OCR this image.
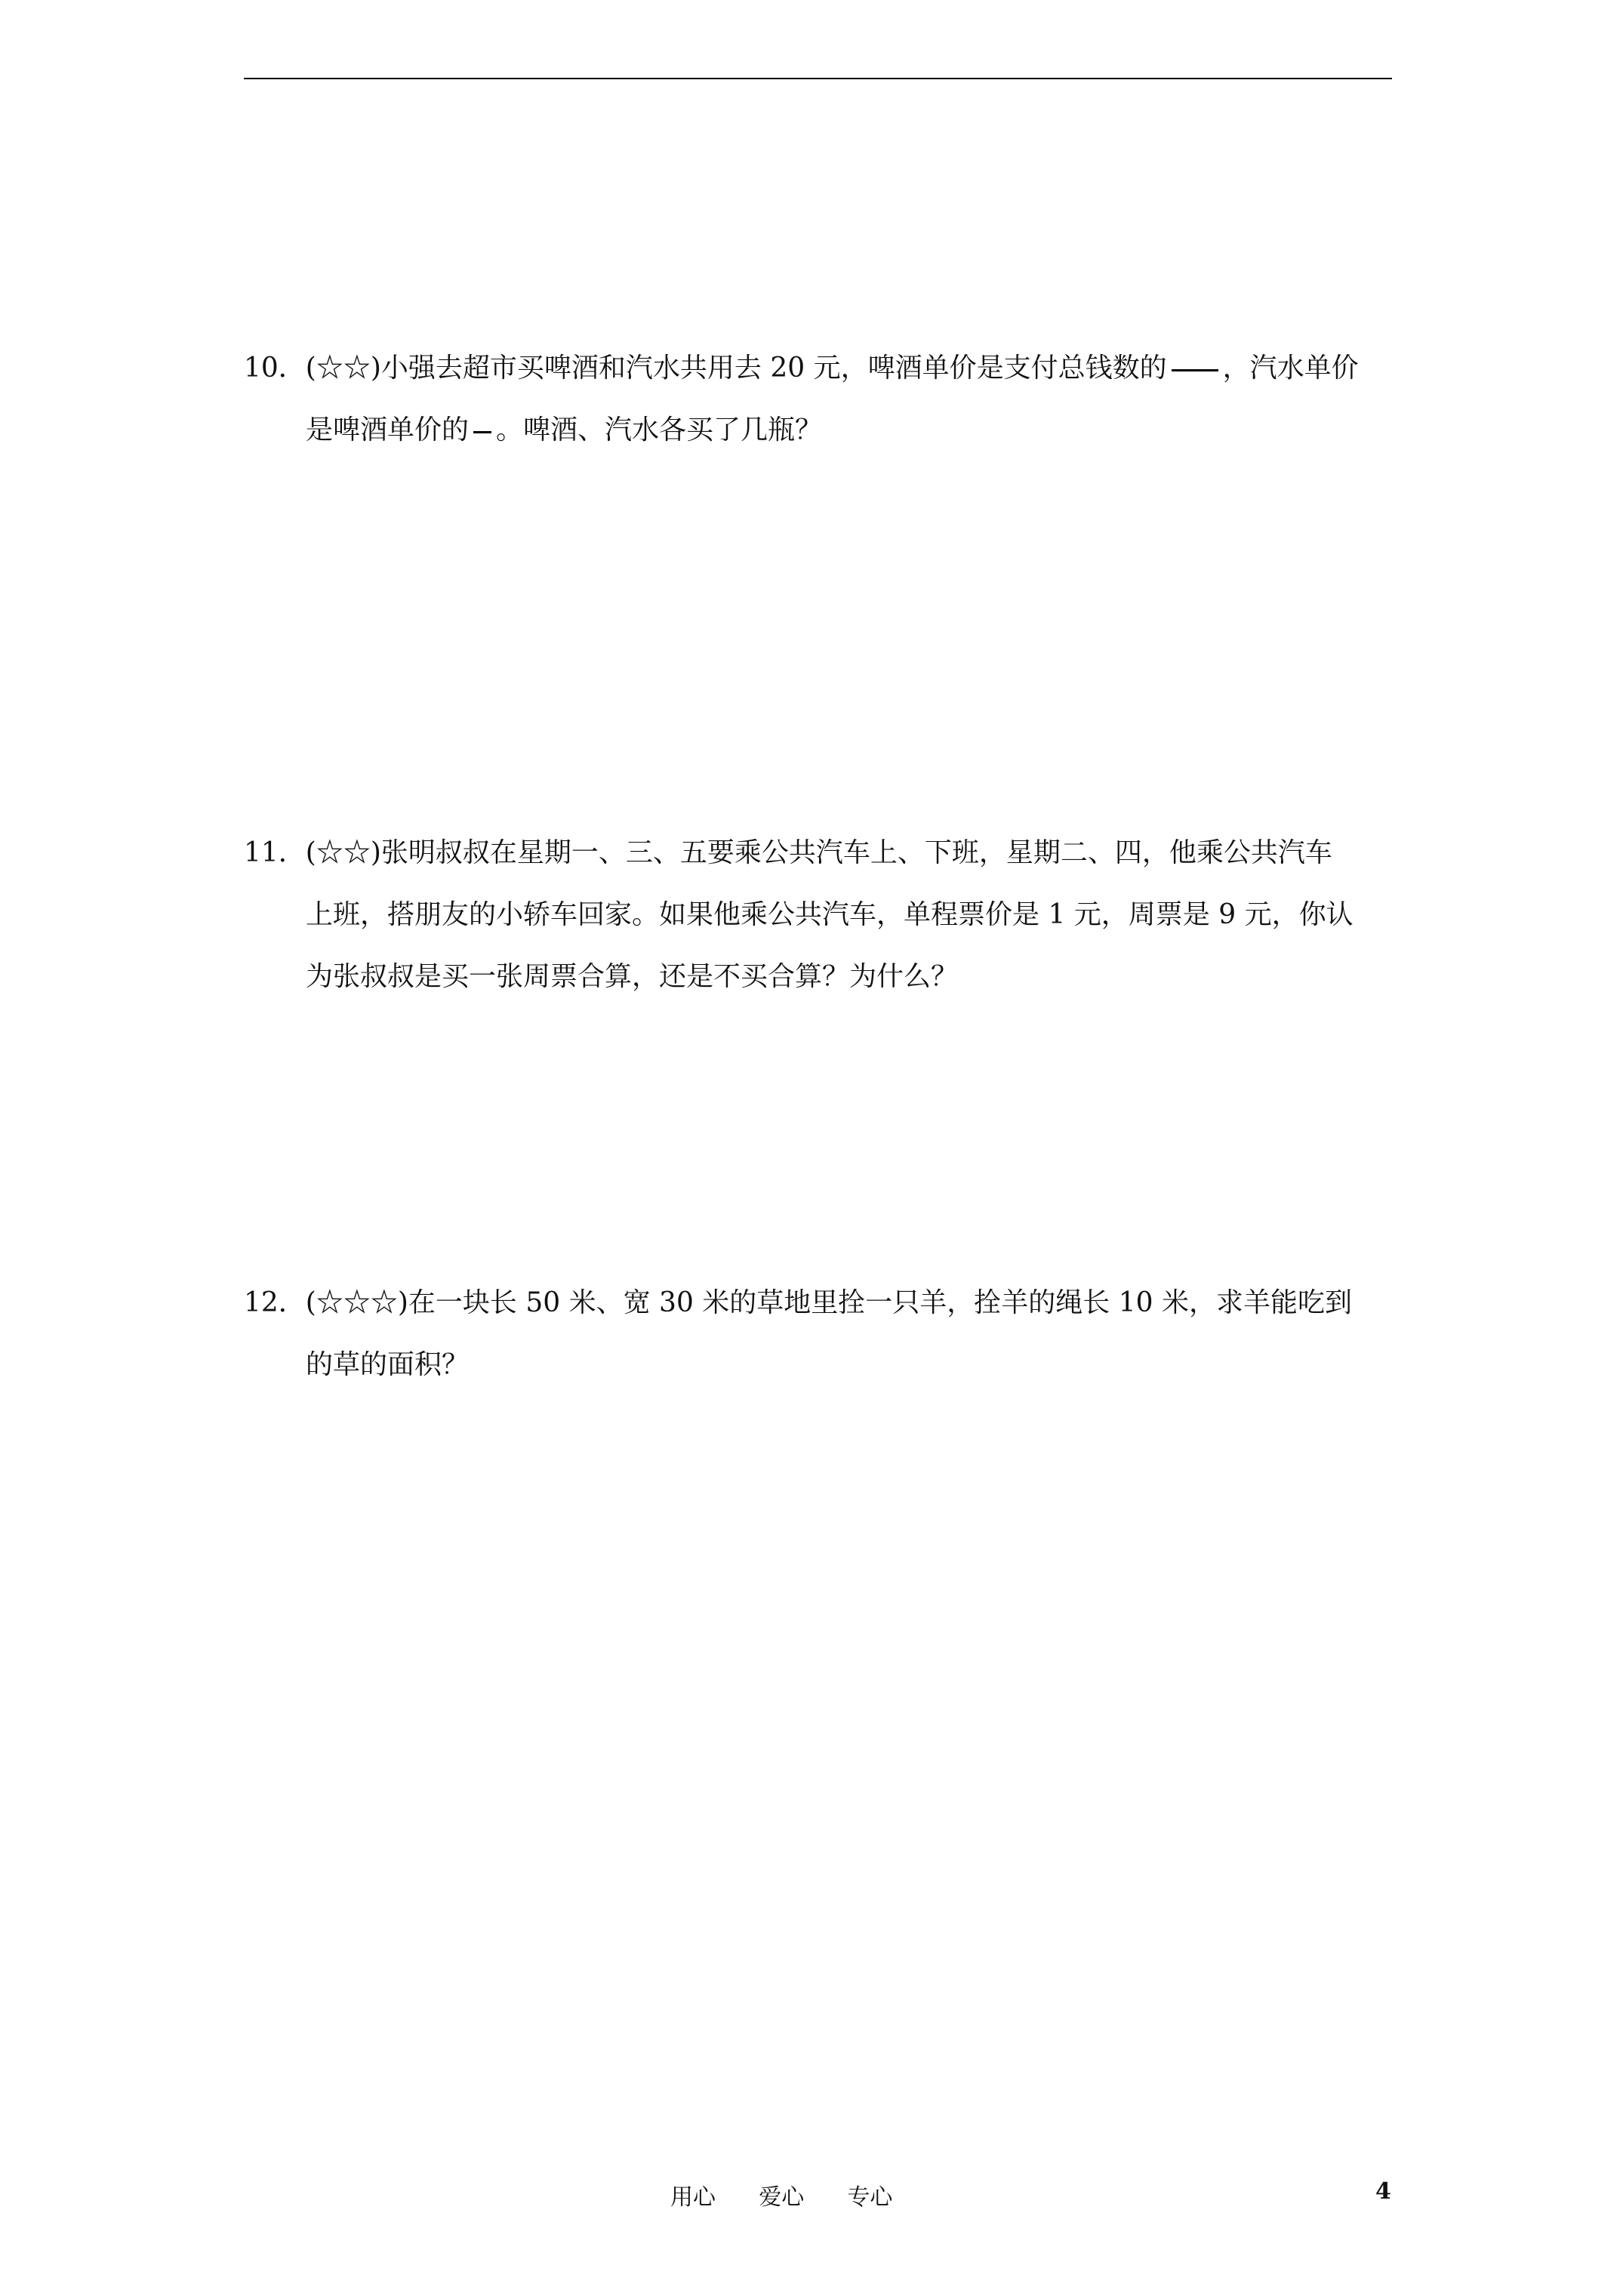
10．(☆☆)小强去超市买啤酒和汽水共用去 20 元，啤酒单价是支付总钱数的 ，汽水单价
是啤酒单价的 。啤酒、汽水各买了几瓶？
11．(☆☆)张明叔叔在星期一、三、五要乘公共汽车上、下班，星期二、四，他乘公共汽车
上班，搭朋友的小轿车回家。如果他乘公共汽车，单程票价是 1 元，周票是 9 元，你认
为张叔叔是买一张周票合算，还是不买合算？为什么？
12．(☆☆☆)在一块长 50 米、宽 30 米的草地里拴一只羊，拴羊的绳长 10 米，求羊能吃到
的草的面积？
用心      爱心      专心	4
